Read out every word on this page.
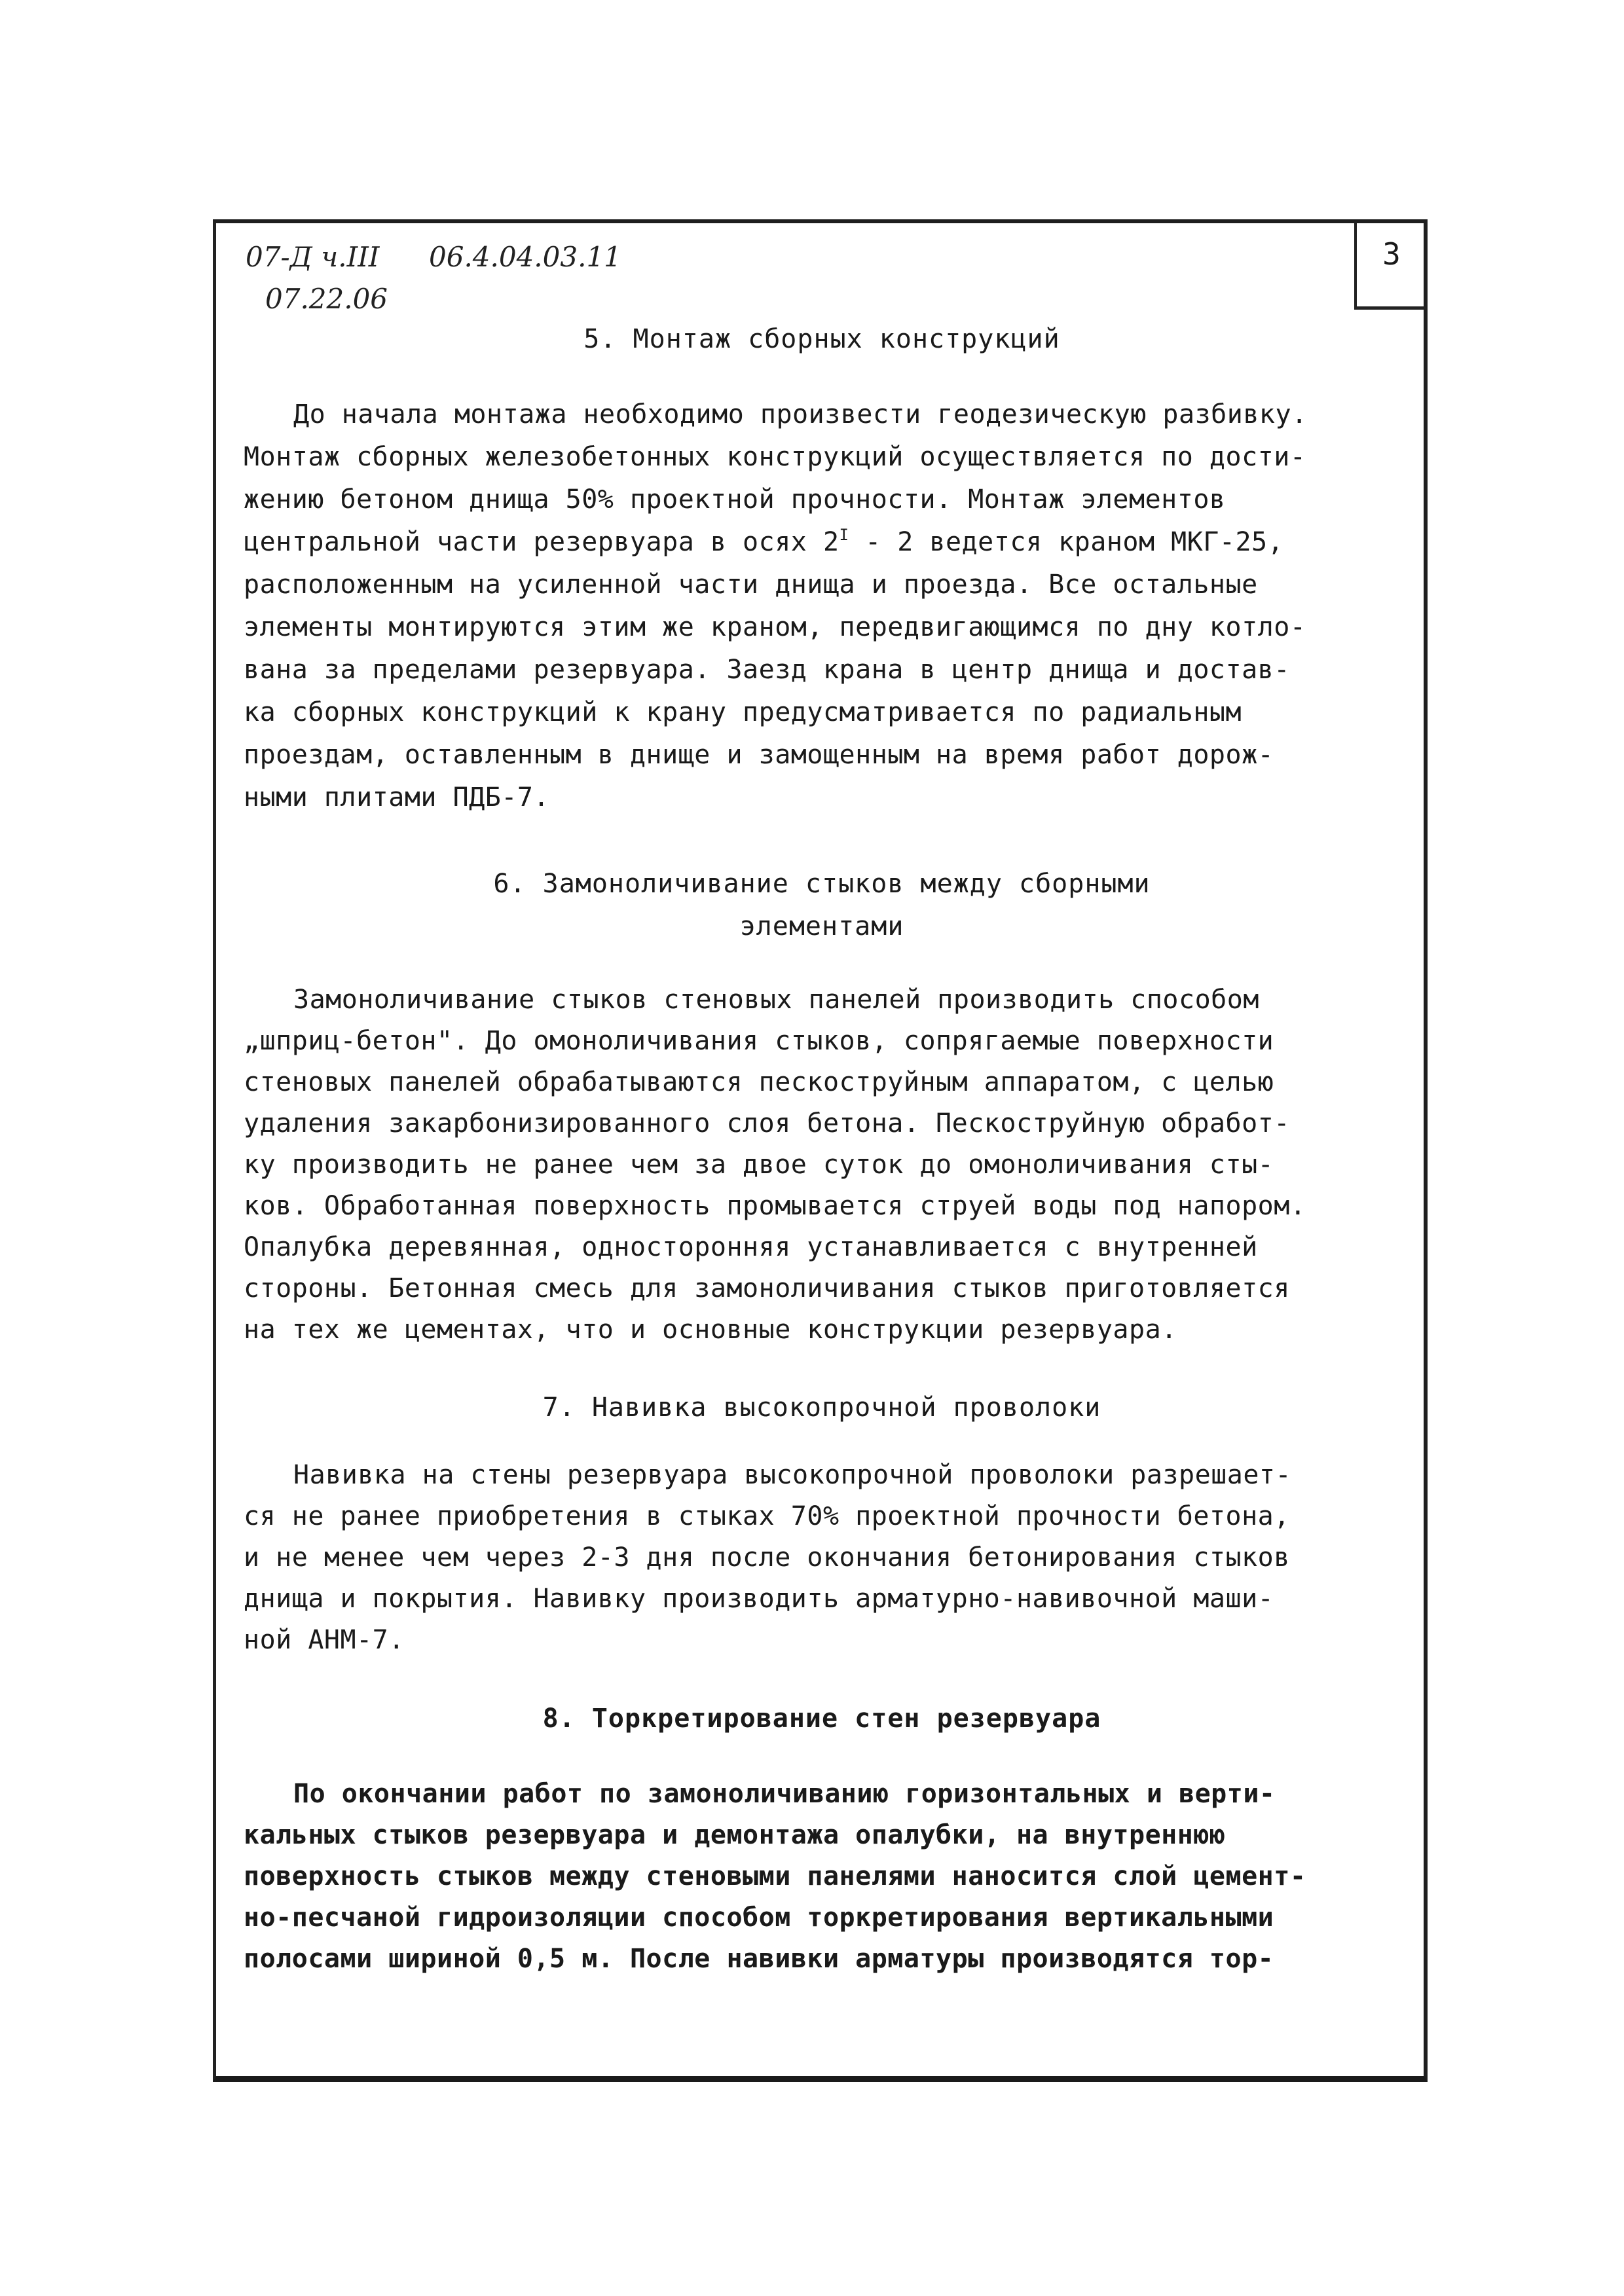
3
07-Д ч.III 06.4.04.03.11
07.22.06
5. Монтаж сборных конструкций
До начала монтажа необходимо произвести геодезическую разбивку.
Монтаж сборных железобетонных конструкций осуществляется по дости-
жению бетоном днища 50% проектной прочности. Монтаж элементов
центральной части резервуара в осях $2^I - 2$ ведется краном МКГ-25,
расположенным на усиленной части днища и проезда. Все остальные
элементы монтируются этим же краном, передвигающимся по дну котло-
вана за пределами резервуара. Заезд крана в центр днища и достав-
ка сборных конструкций к крану предусматривается по радиальным
проездам, оставленным в днище и замощенным на время работ дорож-
ными плитами ПДБ-7.
6. Замоноличивание стыков между сборными
элементами
Замоноличивание стыков стеновых панелей производить способом
„шприц-бетон". До омоноличивания стыков, сопрягаемые поверхности
стеновых панелей обрабатываются пескоструйным аппаратом, с целью
удаления закарбонизированного слоя бетона. Пескоструйную обработ-
ку производить не ранее чем за двое суток до омоноличивания сты-
ков. Обработанная поверхность промывается струей воды под напором.
Опалубка деревянная, односторонняя устанавливается с внутренней
стороны. Бетонная смесь для замоноличивания стыков приготовляется
на тех же цементах, что и основные конструкции резервуара.
7. Навивка высокопрочной проволоки
Навивка на стены резервуара высокопрочной проволоки разрешает-
ся не ранее приобретения в стыках 70% проектной прочности бетона,
и не менее чем через 2-3 дня после окончания бетонирования стыков
днища и покрытия. Навивку производить арматурно-навивочной маши-
ной АНМ-7.
8. Торкретирование стен резервуара
По окончании работ по замоноличиванию горизонтальных и верти-
кальных стыков резервуара и демонтажа опалубки, на внутреннюю
поверхность стыков между стеновыми панелями наносится слой цемент-
но-песчаной гидроизоляции способом торкретирования вертикальными
полосами шириной 0,5 м. После навивки арматуры производятся тор-
